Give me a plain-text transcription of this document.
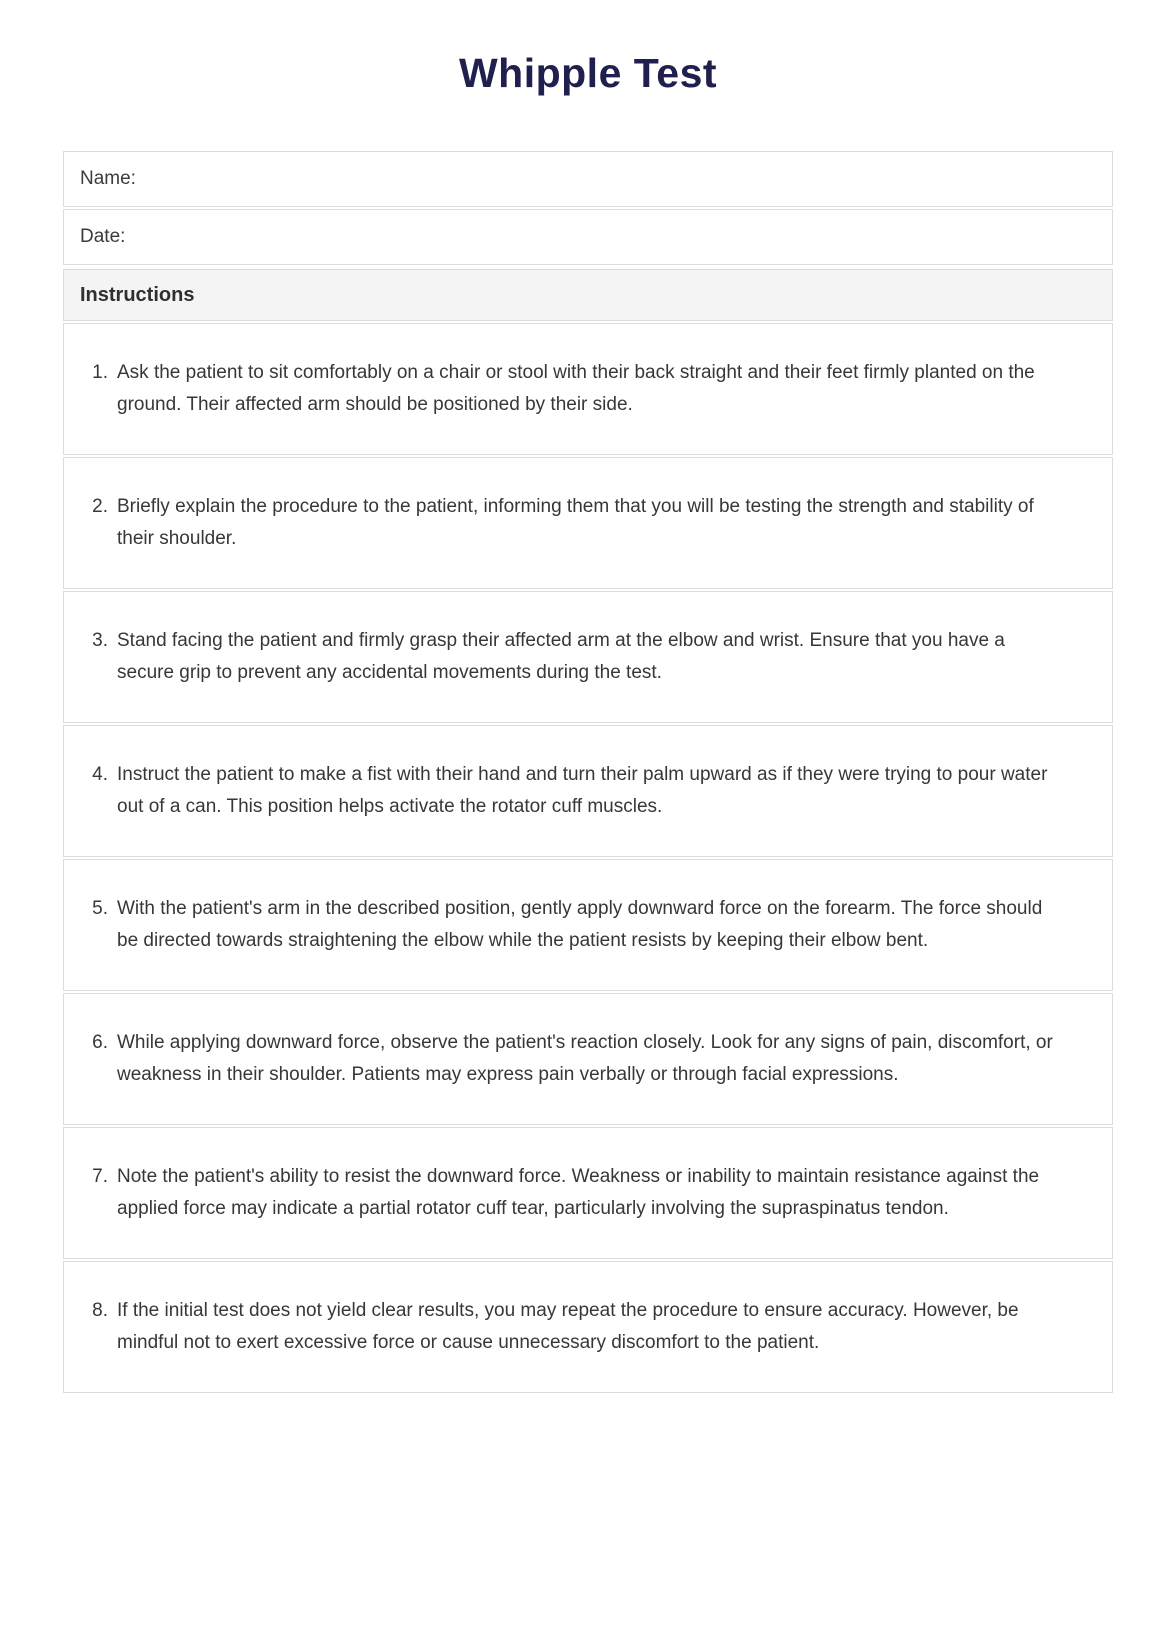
Whipple Test
Name:
Date:
Instructions
1. Ask the patient to sit comfortably on a chair or stool with their back straight and their feet firmly planted on the ground. Their affected arm should be positioned by their side.
2. Briefly explain the procedure to the patient, informing them that you will be testing the strength and stability of their shoulder.
3. Stand facing the patient and firmly grasp their affected arm at the elbow and wrist. Ensure that you have a secure grip to prevent any accidental movements during the test.
4. Instruct the patient to make a fist with their hand and turn their palm upward as if they were trying to pour water out of a can. This position helps activate the rotator cuff muscles.
5. With the patient's arm in the described position, gently apply downward force on the forearm. The force should be directed towards straightening the elbow while the patient resists by keeping their elbow bent.
6. While applying downward force, observe the patient's reaction closely. Look for any signs of pain, discomfort, or weakness in their shoulder. Patients may express pain verbally or through facial expressions.
7. Note the patient's ability to resist the downward force. Weakness or inability to maintain resistance against the applied force may indicate a partial rotator cuff tear, particularly involving the supraspinatus tendon.
8. If the initial test does not yield clear results, you may repeat the procedure to ensure accuracy. However, be mindful not to exert excessive force or cause unnecessary discomfort to the patient.
